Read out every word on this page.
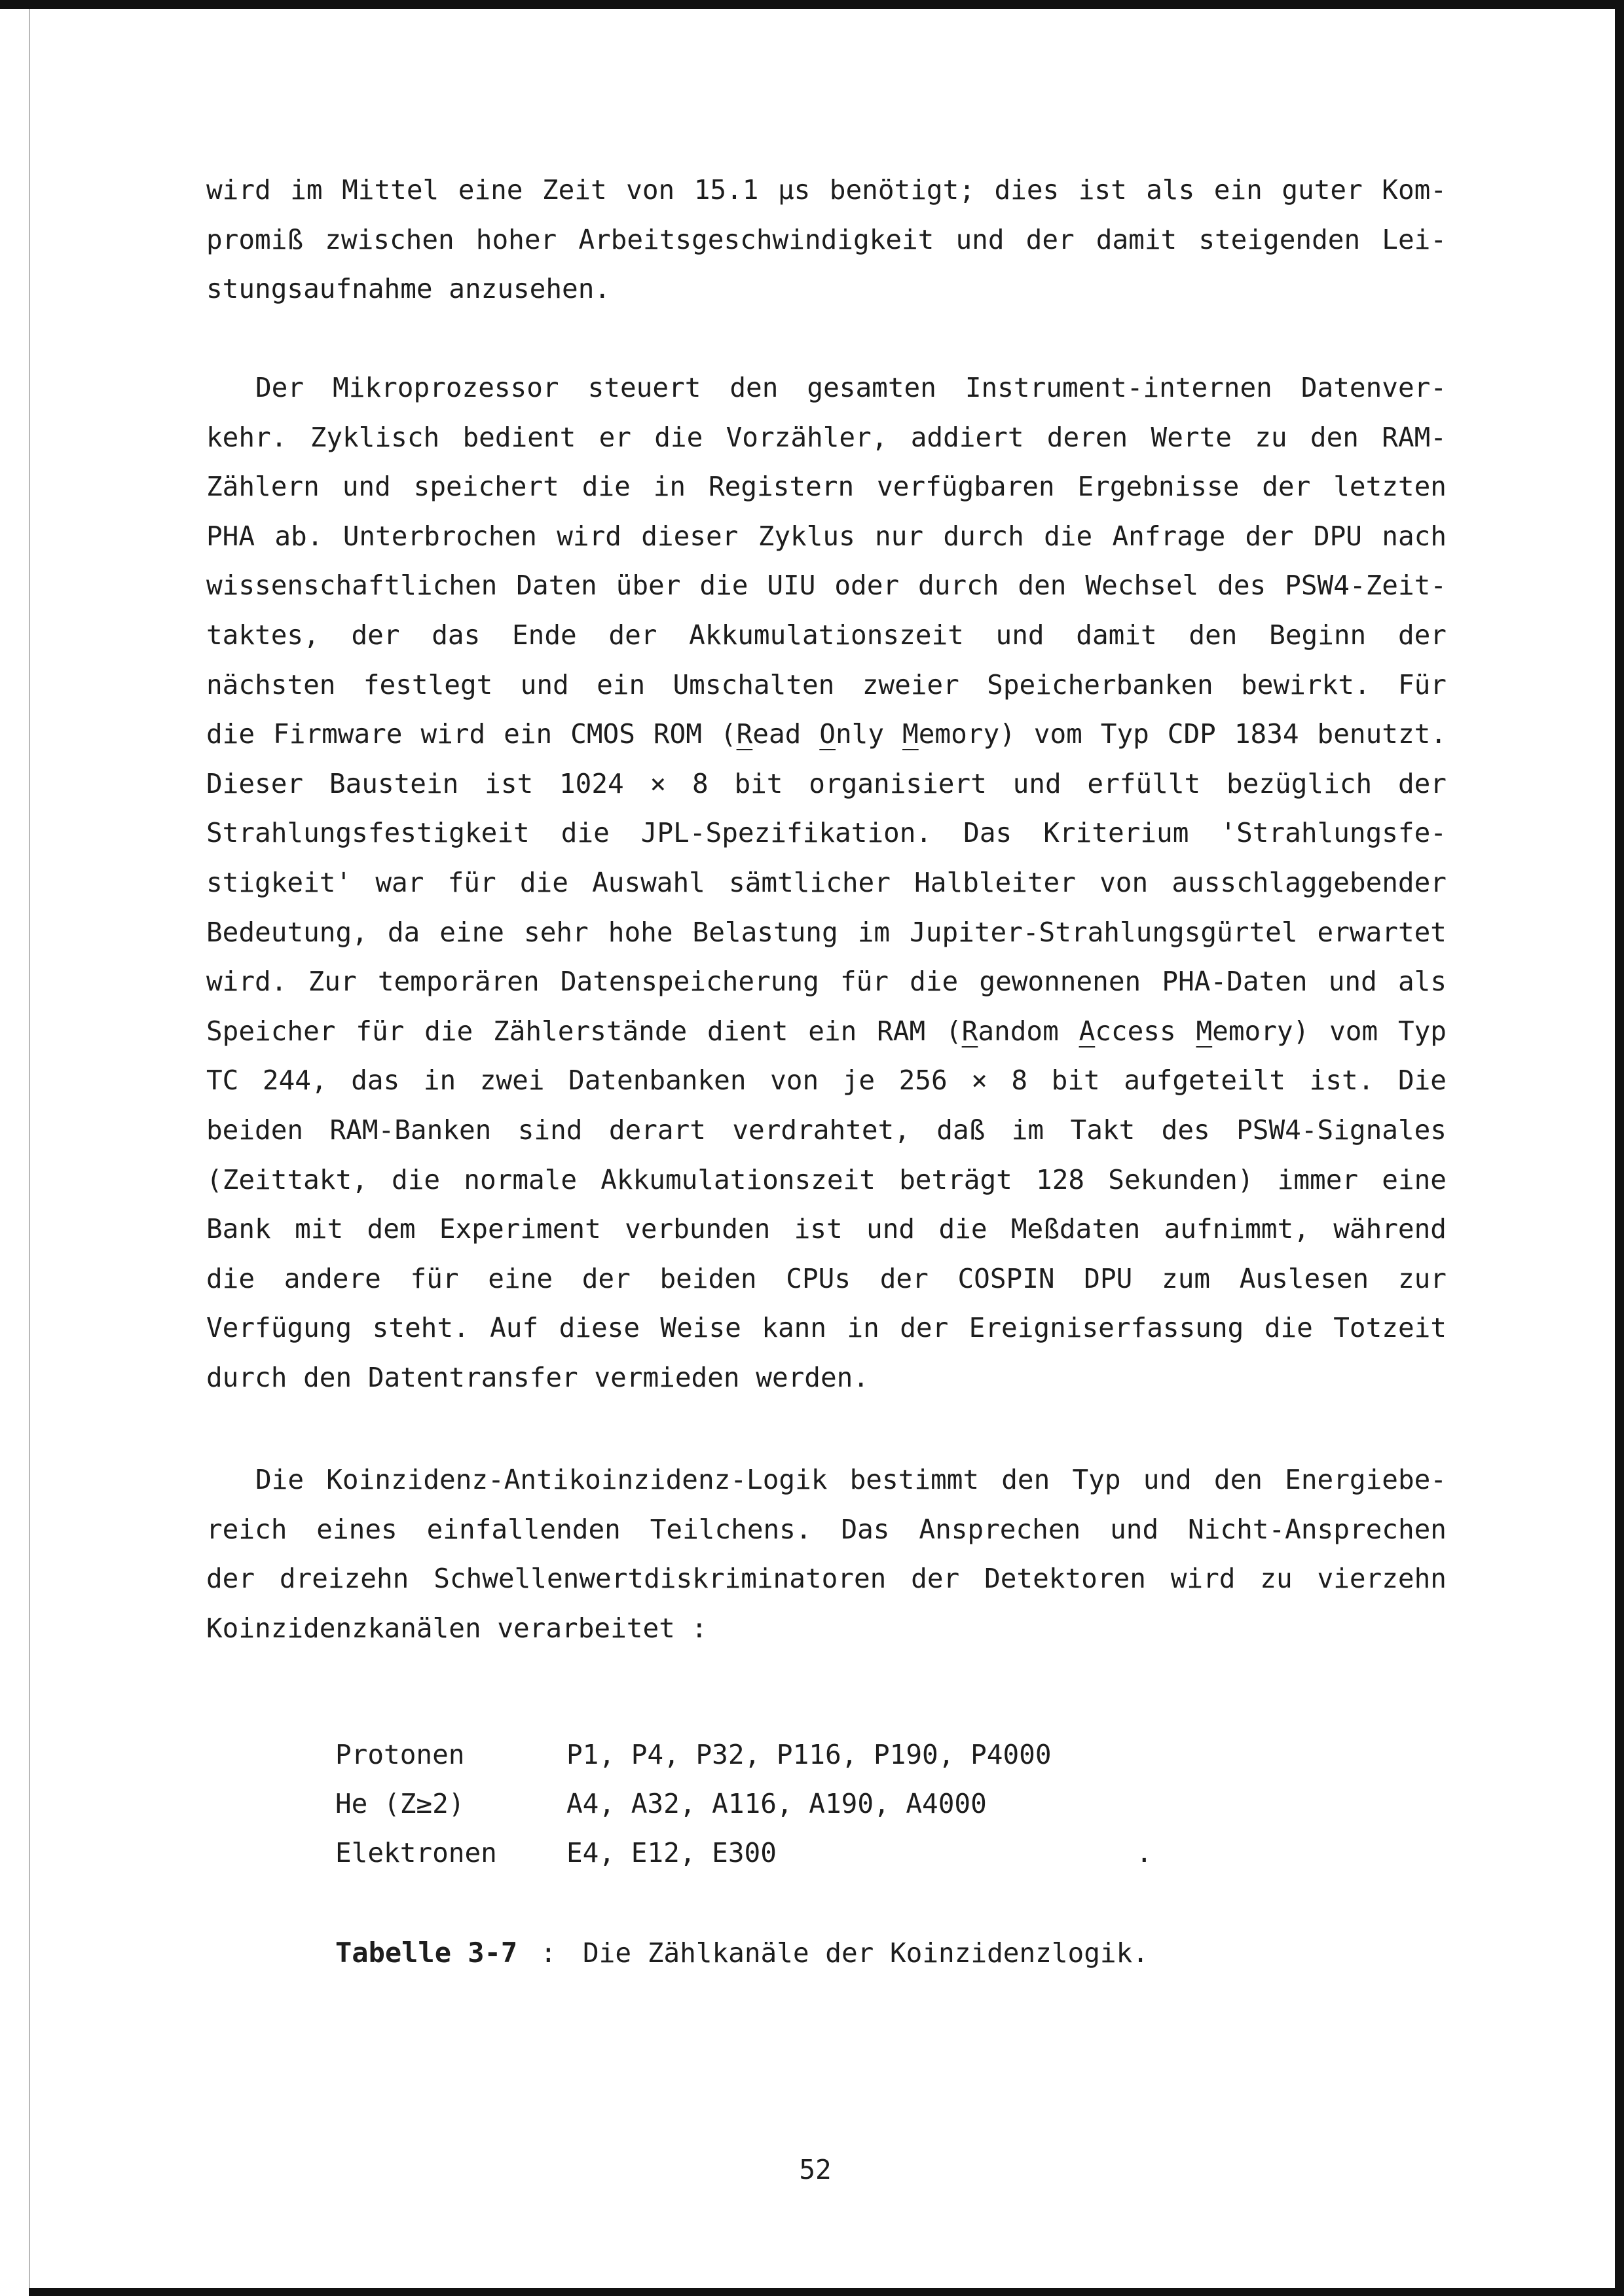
wird im Mittel eine Zeit von 15.1 μs benötigt; dies ist als ein guter Kom-
promiß zwischen hoher Arbeitsgeschwindigkeit und der damit steigenden Lei-
stungsaufnahme anzusehen.
Der Mikroprozessor steuert den gesamten Instrument-internen Datenver-
kehr. Zyklisch bedient er die Vorzähler, addiert deren Werte zu den RAM-
Zählern und speichert die in Registern verfügbaren Ergebnisse der letzten
PHA ab. Unterbrochen wird dieser Zyklus nur durch die Anfrage der DPU nach
wissenschaftlichen Daten über die UIU oder durch den Wechsel des PSW4-Zeit-
taktes, der das Ende der Akkumulationszeit und damit den Beginn der
nächsten festlegt und ein Umschalten zweier Speicherbanken bewirkt. Für
die Firmware wird ein CMOS ROM (Read Only Memory) vom Typ CDP 1834 benutzt.
Dieser Baustein ist 1024 × 8 bit organisiert und erfüllt bezüglich der
Strahlungsfestigkeit die JPL-Spezifikation. Das Kriterium 'Strahlungsfe-
stigkeit' war für die Auswahl sämtlicher Halbleiter von ausschlaggebender
Bedeutung, da eine sehr hohe Belastung im Jupiter-Strahlungsgürtel erwartet
wird. Zur temporären Datenspeicherung für die gewonnenen PHA-Daten und als
Speicher für die Zählerstände dient ein RAM (Random Access Memory) vom Typ
TC 244, das in zwei Datenbanken von je 256 × 8 bit aufgeteilt ist. Die
beiden RAM-Banken sind derart verdrahtet, daß im Takt des PSW4-Signales
(Zeittakt, die normale Akkumulationszeit beträgt 128 Sekunden) immer eine
Bank mit dem Experiment verbunden ist und die Meßdaten aufnimmt, während
die andere für eine der beiden CPUs der COSPIN DPU zum Auslesen zur
Verfügung steht. Auf diese Weise kann in der Ereigniserfassung die Totzeit
durch den Datentransfer vermieden werden.
Die Koinzidenz-Antikoinzidenz-Logik bestimmt den Typ und den Energiebe-
reich eines einfallenden Teilchens. Das Ansprechen und Nicht-Ansprechen
der dreizehn Schwellenwertdiskriminatoren der Detektoren wird zu vierzehn
Koinzidenzkanälen verarbeitet :
Protonen	P1, P4, P32, P116, P190, P4000
He (Z≥2)	A4, A32, A116, A190, A4000
Elektronen	E4, E12, E300	.
Tabelle 3-7 : Die Zählkanäle der Koinzidenzlogik.
52
